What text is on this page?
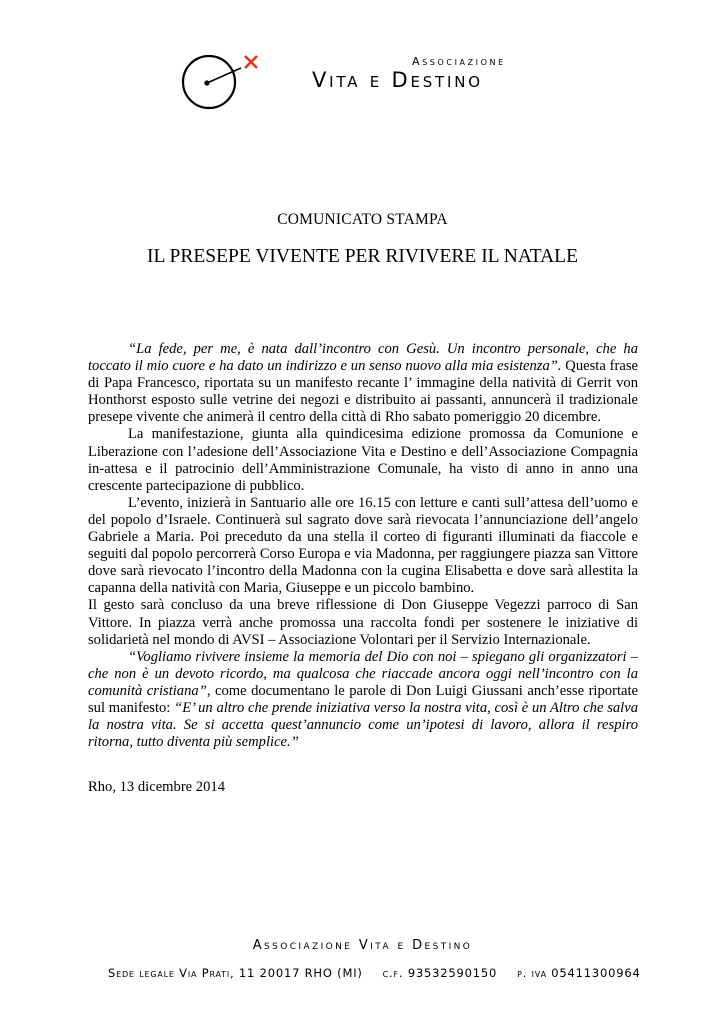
Associazione
Vita e Destino
COMUNICATO STAMPA
IL PRESEPE VIVENTE PER RIVIVERE IL NATALE

“La fede, per me, è nata dall’incontro con Gesù. Un incontro personale, che ha toccato il mio cuore e ha dato un indirizzo e un senso nuovo alla mia esistenza”. Questa frase di Papa Francesco, riportata su un manifesto recante l’ immagine della natività di Gerrit von Honthorst esposto sulle vetrine dei negozi e distribuito ai passanti, annuncerà il tradizionale presepe vivente che animerà il centro della città di Rho sabato pomeriggio 20 dicembre.

La manifestazione, giunta alla quindicesima edizione promossa da Comunione e Liberazione con l’adesione dell’Associazione Vita e Destino e dell’Associazione Compagnia in-attesa e il patrocinio dell’Amministrazione Comunale, ha visto di anno in anno una crescente partecipazione di pubblico.

L’evento, inizierà in Santuario alle ore 16.15 con letture e canti sull’attesa dell’uomo e del popolo d’Israele. Continuerà sul sagrato dove sarà rievocata l’annunciazione dell’angelo Gabriele a Maria. Poi preceduto da una stella il corteo di figuranti illuminati da fiaccole e seguiti dal popolo percorrerà Corso Europa e via Madonna, per raggiungere piazza san Vittore dove sarà rievocato l’incontro della Madonna con la cugina Elisabetta e dove sarà allestita la capanna della natività con Maria, Giuseppe e un piccolo bambino.

Il gesto sarà concluso da una breve riflessione di Don Giuseppe Vegezzi parroco di San Vittore. In piazza verrà anche promossa una raccolta fondi per sostenere le iniziative di solidarietà nel mondo di AVSI – Associazione Volontari per il Servizio Internazionale.

“Vogliamo rivivere insieme la memoria del Dio con noi – spiegano gli organizzatori – che non è un devoto ricordo, ma qualcosa che riaccade ancora oggi nell’incontro con la comunità cristiana”, come documentano le parole di Don Luigi Giussani anch’esse riportate sul manifesto: “E’ un altro che prende iniziativa verso la nostra vita, così è un Altro che salva la nostra vita. Se si accetta quest’annuncio come un’ipotesi di lavoro, allora il respiro ritorna, tutto diventa più semplice.”

Rho, 13 dicembre 2014
Associazione Vita e Destino
Sede legale Via Prati, 11 20017 RHO (MI) c.f. 93532590150 p. iva 05411300964
